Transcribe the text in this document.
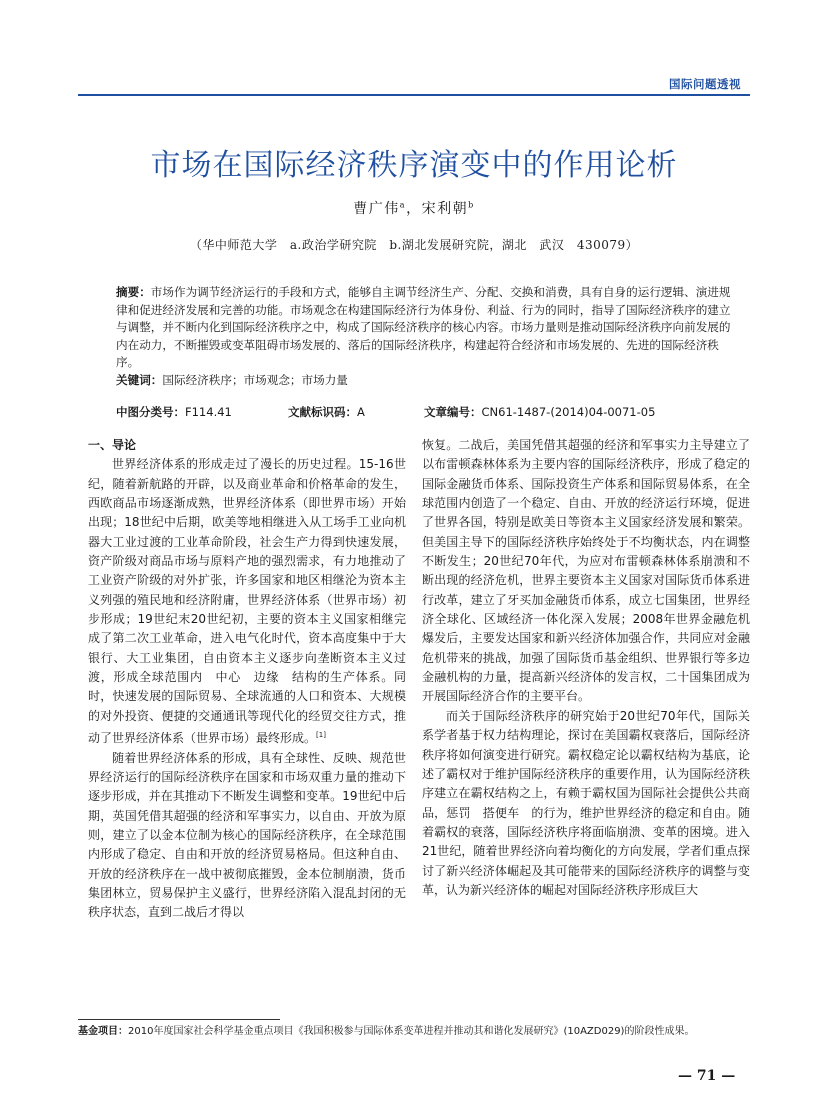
国际问题透视
市场在国际经济秩序演变中的作用论析
曹广伟$^a$，宋利朝$^b$
（华中师范大学　a.政治学研究院　b.湖北发展研究院，湖北　武汉　430079）
摘要：市场作为调节经济运行的手段和方式，能够自主调节经济生产、分配、交换和消费，具有自身的运行逻辑、演进规律和促进经济发展和完善的功能。市场观念在构建国际经济行为体身份、利益、行为的同时，指导了国际经济秩序的建立与调整，并不断内化到国际经济秩序之中，构成了国际经济秩序的核心内容。市场力量则是推动国际经济秩序向前发展的内在动力，不断摧毁或变革阻碍市场发展的、落后的国际经济秩序，构建起符合经济和市场发展的、先进的国际经济秩序。
关键词：国际经济秩序；市场观念；市场力量
中图分类号：F114.41	文献标识码：A	文章编号：CN61-1487-(2014)04-0071-05
一、导论

世界经济体系的形成走过了漫长的历史过程。15-16世纪，随着新航路的开辟，以及商业革命和价格革命的发生，西欧商品市场逐渐成熟，世界经济体系（即世界市场）开始出现；18世纪中后期，欧美等地相继进入从工场手工业向机器大工业过渡的工业革命阶段，社会生产力得到快速发展，资产阶级对商品市场与原料产地的强烈需求，有力地推动了工业资产阶级的对外扩张，许多国家和地区相继沦为资本主义列强的殖民地和经济附庸，世界经济体系（世界市场）初步形成；19世纪末20世纪初，主要的资本主义国家相继完成了第二次工业革命，进入电气化时代，资本高度集中于大银行、大工业集团，自由资本主义逐步向垄断资本主义过渡，形成全球范围内　中心　边缘　结构的生产体系。同时，快速发展的国际贸易、全球流通的人口和资本、大规模的对外投资、便捷的交通通讯等现代化的经贸交往方式，推动了世界经济体系（世界市场）最终形成。[1]

随着世界经济体系的形成，具有全球性、反映、规范世界经济运行的国际经济秩序在国家和市场双重力量的推动下逐步形成，并在其推动下不断发生调整和变革。19世纪中后期，英国凭借其超强的经济和军事实力，以自由、开放为原则，建立了以金本位制为核心的国际经济秩序，在全球范围内形成了稳定、自由和开放的经济贸易格局。但这种自由、开放的经济秩序在一战中被彻底摧毁，金本位制崩溃，货币集团林立，贸易保护主义盛行，世界经济陷入混乱封闭的无秩序状态，直到二战后才得以

恢复。二战后，美国凭借其超强的经济和军事实力主导建立了以布雷顿森林体系为主要内容的国际经济秩序，形成了稳定的国际金融货币体系、国际投资生产体系和国际贸易体系，在全球范围内创造了一个稳定、自由、开放的经济运行环境，促进了世界各国，特别是欧美日等资本主义国家经济发展和繁荣。但美国主导下的国际经济秩序始终处于不均衡状态，内在调整不断发生；20世纪70年代，为应对布雷顿森林体系崩溃和不断出现的经济危机，世界主要资本主义国家对国际货币体系进行改革，建立了牙买加金融货币体系，成立七国集团，世界经济全球化、区域经济一体化深入发展；2008年世界金融危机爆发后，主要发达国家和新兴经济体加强合作，共同应对金融危机带来的挑战，加强了国际货币基金组织、世界银行等多边金融机构的力量，提高新兴经济体的发言权，二十国集团成为开展国际经济合作的主要平台。

而关于国际经济秩序的研究始于20世纪70年代，国际关系学者基于权力结构理论，探讨在美国霸权衰落后，国际经济秩序将如何演变进行研究。霸权稳定论以霸权结构为基底，论述了霸权对于维护国际经济秩序的重要作用，认为国际经济秩序建立在霸权结构之上，有赖于霸权国为国际社会提供公共商品，惩罚　搭便车　的行为，维护世界经济的稳定和自由。随着霸权的衰落，国际经济秩序将面临崩溃、变革的困境。进入21世纪，随着世界经济向着均衡化的方向发展，学者们重点探讨了新兴经济体崛起及其可能带来的国际经济秩序的调整与变革，认为新兴经济体的崛起对国际经济秩序形成巨大

基金项目：2010年度国家社会科学基金重点项目《我国积极参与国际体系变革进程并推动其和谐化发展研究》(10AZD029)的阶段性成果。
— 71 —
